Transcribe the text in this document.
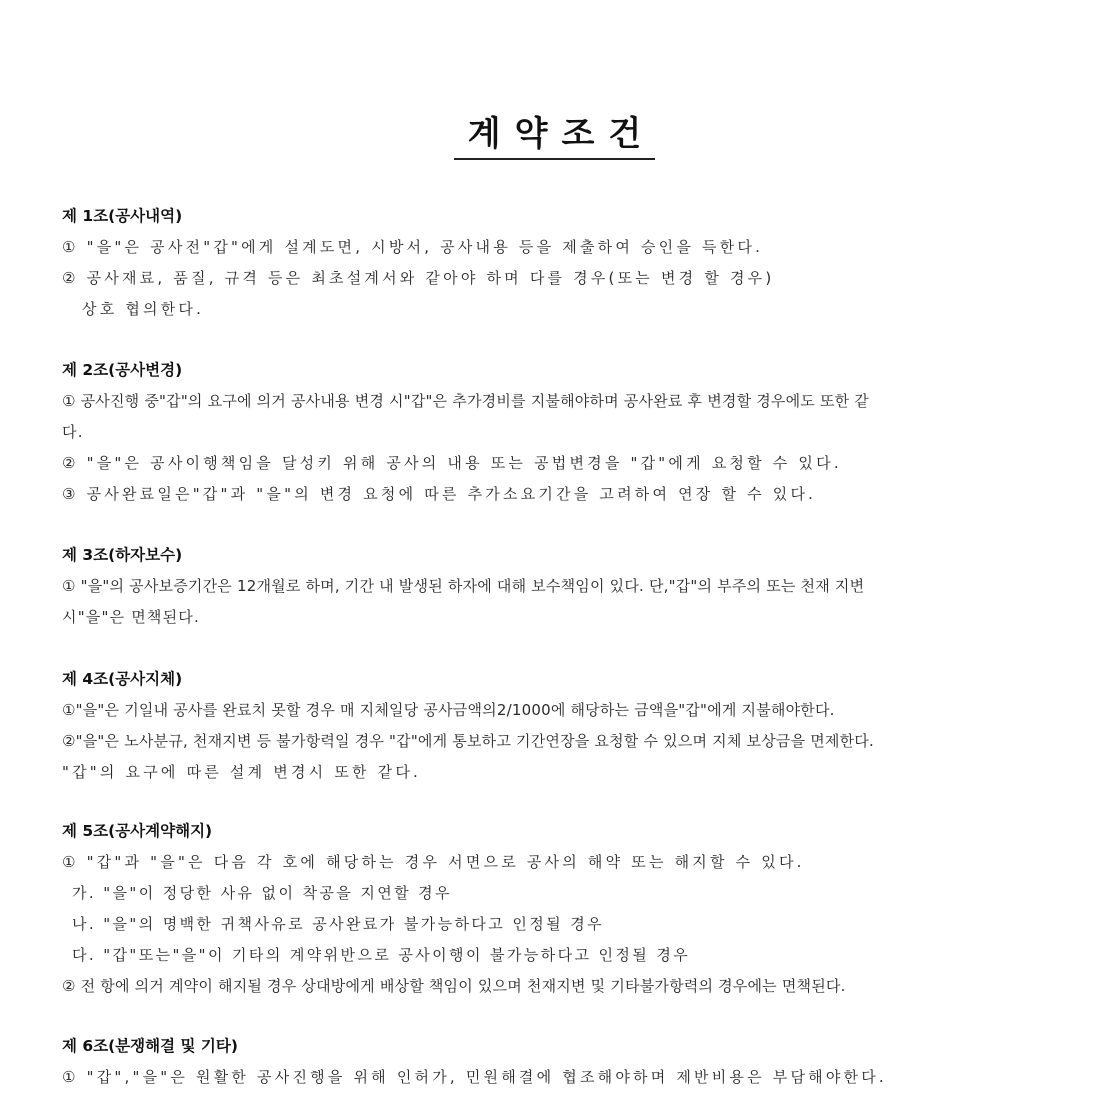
계약조건
제 1조(공사내역)
① "을"은 공사전"갑"에게 설계도면, 시방서, 공사내용 등을 제출하여 승인을 득한다.
② 공사재료, 품질, 규격 등은 최초설계서와 같아야 하며 다를 경우(또는 변경 할 경우)
상호 협의한다.
제 2조(공사변경)
① 공사진행 중"갑"의 요구에 의거 공사내용 변경 시"갑"은 추가경비를 지불해야하며 공사완료 후 변경할 경우에도 또한 같
다.
② "을"은 공사이행책임을 달성키 위해 공사의 내용 또는 공법변경을 "갑"에게 요청할 수 있다.
③ 공사완료일은"갑"과 "을"의 변경 요청에 따른 추가소요기간을 고려하여 연장 할 수 있다.
제 3조(하자보수)
① "을"의 공사보증기간은 12개월로 하며, 기간 내 발생된 하자에 대해 보수책임이 있다. 단,"갑"의 부주의 또는 천재 지변
시"을"은 면책된다.
제 4조(공사지체)
①"을"은 기일내 공사를 완료치 못할 경우 매 지체일당 공사금액의2/1000에 해당하는 금액을"갑"에게 지불해야한다.
②"을"은 노사분규, 천재지변 등 불가항력일 경우 "갑"에게 통보하고 기간연장을 요청할 수 있으며 지체 보상금을 면제한다.
"갑"의 요구에 따른 설계 변경시 또한 같다.
제 5조(공사계약해지)
① "갑"과 "을"은 다음 각 호에 해당하는 경우 서면으로 공사의 해약 또는 해지할 수 있다.
가. "을"이 정당한 사유 없이 착공을 지연할 경우
나. "을"의 명백한 귀책사유로 공사완료가 불가능하다고 인정될 경우
다. "갑"또는"을"이 기타의 계약위반으로 공사이행이 불가능하다고 인정될 경우
② 전 항에 의거 계약이 해지될 경우 상대방에게 배상할 책임이 있으며 천재지변 및 기타불가항력의 경우에는 면책된다.
제 6조(분쟁해결 및 기타)
① "갑","을"은 원활한 공사진행을 위해 인허가, 민원해결에 협조해야하며 제반비용은 부담해야한다.
